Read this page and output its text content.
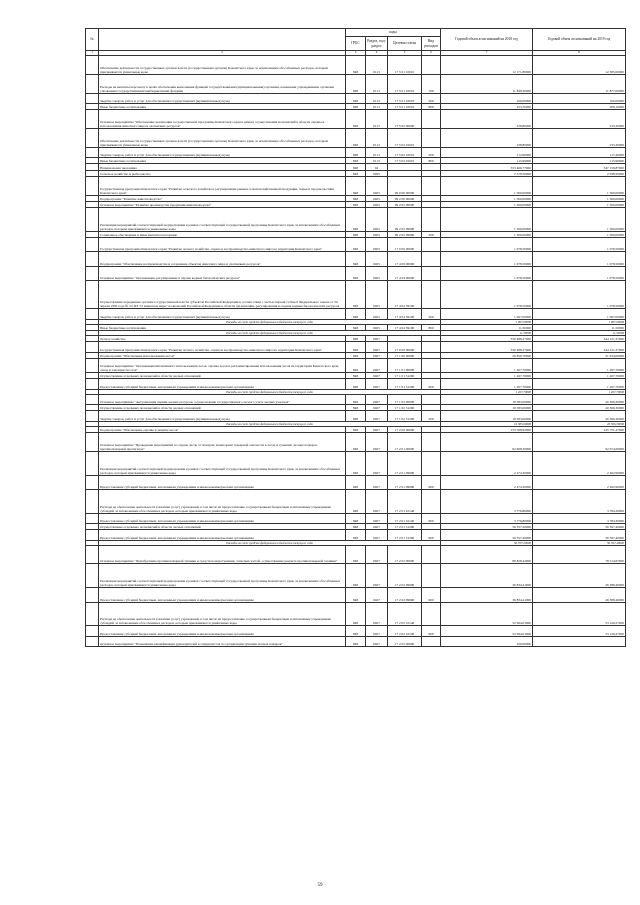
№		коды				Годовой объем ассигнований на 2018 год	Годовой объем ассигнований на 2019 год
		ГРБС	Раздел, под-раздел	Целевая статья	Вид расходов		
1	2	3	4	5	6	7	8
	Обеспечение деятельности государственных органов власти (государственных органов) Камчатского края, за исключением обособленных расходов, которым присваиваются уникальные коды	848	0113	17 5 01 10010		12 171,80000	12 385,00000
	Расходы на выплаты персоналу в целях обеспечения выполнения функций государственными (муниципальными) органами, казенными учреждениями, органами управления государственными внебюджетными фондами	848	0113	17 5 01 10010	100	11 848,30000	11 877,00000
	Закупка товаров, работ и услуг для обеспечения государственных (муниципальных) нужд	848	0113	17 5 01 10010	200	100,00000	100,00000
	Иные бюджетные ассигнования	848	0113	17 5 01 10010	800	223,70000	208,10000
	Основное мероприятие "Обеспечение реализации государственной программы Камчатского края в рамках осуществления полномочий в области охраны и использования животного мира и охотничьих ресурсов"	848	0113	17 5 02 00000		228,80000	233,30000
	Обеспечение деятельности государственных органов власти (государственных органов) Камчатского края, за исключением обособленных расходов, которым присваиваются уникальные коды	848	0113	17 5 02 10010		228,80000	233,30000
	Закупка товаров, работ и услуг для обеспечения государственных (муниципальных) нужд	848	0113	17 5 02 10010	200	112,90000	117,40000
	Иные бюджетные ассигнования	848	0113	17 5 02 10010	800	115,90000	115,90000
	Национальная экономика	848	04			353 466,77000	347 159,87000
	Сельское хозяйство и рыболовство	848	0405			2 578,50000	2 638,50000
	Государственная программа Камчатского края "Развитие сельского хозяйства и регулирование рынков сельскохозяйственной продукции, сырья и продовольствия Камчатского края"	848	0405	09 0 00 00000		1 500,00000	1 560,00000
	Подпрограмма "Развитие животноводства"	848	0405	09 2 00 00000		1 500,00000	1 560,00000
	Основное мероприятие "Развитие производства продукции животноводства"	848	0405	09 2 02 00000		1 500,00000	1 560,00000
	Реализация мероприятий соответствующей подпрограммы в рамках соответствующей государственной программы Камчатского края, за исключением обособленных расходов, которым присваиваются уникальные коды	848	0405	09 2 02 09990		1 500,00000	1 560,00000
	Социальное обеспечение и иные выплаты населению	848	0405	09 2 02 09990	300	1 500,00000	1 560,00000
	Государственная программа Камчатского края "Развитие лесного хозяйства, охрана и воспроизводство животного мира на территории Камчатского края"	848	0405	17 0 00 00000		1 078,50000	1 078,50000
	Подпрограмма "Обеспечение воспроизводства и сохранение объектов животного мира и охотничьих ресурсов"	848	0405	17 4 00 00000		1 078,50000	1 078,50000
	Основное мероприятие "Организация, регулирование и охрана водных биологических ресурсов"	848	0405	17 4 04 00000		1 078,50000	1 078,50000
	Осуществление переданных органам государственной власти субъектов Российской Федерации в соответствии с частью первой статьи 6 Федерального закона от 24 апреля 1995 года № 52-ФЗ "О животном мире" полномочий Российской Федерации в области организации, регулирования и охраны водных биологических ресурсов	848	0405	17 4 04 59100		1 078,50000	1 078,50000
	Закупка товаров, работ и услуг для обеспечения государственных (муниципальных) нужд	848	0405	17 4 04 59100	200	1 067,00000	1 067,00000
	Расходы за счет средств федерального бюджета текущего года					1 067,00000	1 067,00000
	Иные бюджетные ассигнования	848	0405	17 4 04 59100	800	11,50000	11,50000
	Расходы за счет средств федерального бюджета текущего года					11,50000	11,50000
	Лесное хозяйство	848	0407			350 488,27000	344 121,37000
	Государственная программа Камчатского края "Развитие лесного хозяйства, охрана и воспроизводство животного мира на территории Камчатского края"	848	0407	17 0 00 00000		350 488,27000	344 121,37000
	Подпрограмма "Обеспечение использования лесов"	848	0407	17 1 00 00000		20 850,70000	21 634,00000
	Основное мероприятие "Организация интенсивного использования лесов, охраны лесов и регламентирование использования лесов на территории Камчатского края, отвод и таксация лесосек"	848	0407	17 1 01 00000		1 267,70000	1 267,70000
	Осуществление отдельных полномочий в области лесных отношений	848	0407	17 1 01 51290		1 267,70000	1 267,70000
	Предоставление субсидий бюджетным, автономным учреждениям и иным некоммерческим организациям	848	0407	17 1 01 51290	600	1 267,70000	1 267,70000
	Расходы за счет средств федерального бюджета текущего года					1 267,70000	1 267,70000
	Основное мероприятие "Актуализация оценки лесных ресурсов, осуществление государственного лесного учета лесных участков"	848	0407	17 1 02 00000		19 583,00000	20 366,30000
	Осуществление отдельных полномочий в области лесных отношений	848	0407	17 1 02 51290		19 583,00000	20 366,30000
	Закупка товаров, работ и услуг для обеспечения государственных (муниципальных) нужд	848	0407	17 1 02 51290	200	19 583,00000	20 366,30000
	Расходы за счет средств федерального бюджета текущего года					19 583,00000	20 366,30000
	Подпрограмма "Обеспечение охраны и защиты лесов"	848	0407	17 2 00 00000		153 598,92000	145 751,47000
	Основное мероприятие "Проведение мероприятий по охране лесов от пожаров, мониторинг пожарной опасности в лесах и тушению лесных пожаров, противопожарной пропаганде"	848	0407	17 2 01 00000		62 608,30000	62 674,60000
	Реализация мероприятий соответствующей подпрограммы в рамках соответствующей государственной программы Камчатского края, за исключением обособленных расходов, которым присваиваются уникальные коды	848	0407	17 2 01 09990		2 474,30000	2 492,90000
	Предоставление субсидий бюджетным, автономным учреждениям и иным некоммерческим организациям	848	0407	17 2 01 09990	600	2 474,30000	2 492,90000
	Расходы на обеспечение деятельности (оказание услуг) учреждений, в том числе на предоставление государственным бюджетным и автономным учреждениям субсидий, за исключением обособленных расходов, которым присваиваются уникальные коды	848	0407	17 2 01 10140		3 776,80000	3 784,30000
	Предоставление субсидий бюджетным, автономным учреждениям и иным некоммерческим организациям	848	0407	17 2 01 10140	600	3 776,80000	3 784,30000
	Осуществление отдельных полномочий в области лесных отношений	848	0407	17 2 01 51290		56 357,20000	56 397,40000
	Предоставление субсидий бюджетным, автономным учреждениям и иным некоммерческим организациям	848	0407	17 2 01 51290	600	56 357,20000	56 397,40000
	Расходы за счет средств федерального бюджета текущего года					56 357,20000	56 397,40000
	Основное мероприятие "Приобретение противопожарной техники и средств пожаротушения, запасных частей, осуществление ремонта противопожарной техники"	848	0407	17 2 02 00000		89 828,42000	79 514,67000
	Реализация мероприятий соответствующей подпрограммы в рамках соответствующей государственной программы Камчатского края, за исключением обособленных расходов, которым присваиваются уникальные коды	848	0407	17 2 02 09990		36 834,41000	26 388,40000
	Предоставление субсидий бюджетным, автономным учреждениям и иным некоммерческим организациям	848	0407	17 2 02 09990	600	36 834,41000	26 388,40000
	Расходы на обеспечение деятельности (оказание услуг) учреждений, в том числе на предоставление государственным бюджетным и автономным учреждениям субсидий, за исключением обособленных расходов, которым присваиваются уникальные коды	848	0407	17 2 02 10140		52 994,01000	53 126,27000
	Предоставление субсидий бюджетным, автономным учреждениям и иным некоммерческим организациям	848	0407	17 2 02 10140	600	52 994,01000	53 126,27000
	Основное мероприятие "Повышение квалификации руководителей и специалистов по организации тушения лесных пожаров"	848	0407	17 2 03 00000		100,00000	
59
